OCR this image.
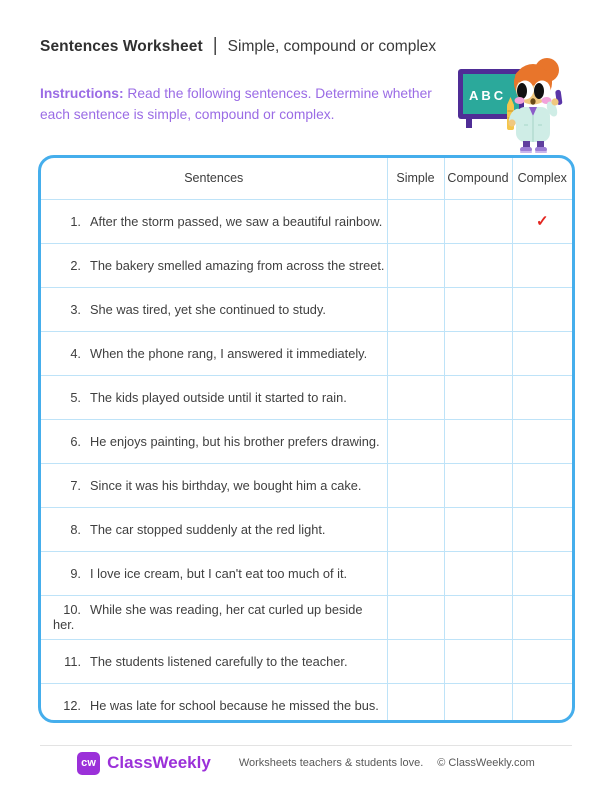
Sentences Worksheet | Simple, compound or complex

Instructions: Read the following sentences. Determine whether each sentence is simple, compound or complex.

ABC
Sentences	Simple	Compound	Complex
1. After the storm passed, we saw a beautiful rainbow.			✓
2. The bakery smelled amazing from across the street.			
3. She was tired, yet she continued to study.			
4. When the phone rang, I answered it immediately.			
5. The kids played outside until it started to rain.			
6. He enjoys painting, but his brother prefers drawing.			
7. Since it was his birthday, we bought him a cake.			
8. The car stopped suddenly at the red light.			
9. I love ice cream, but I can't eat too much of it.			
10. While she was reading, her cat curled up beside her.			
11. The students listened carefully to the teacher.			
12. He was late for school because he missed the bus.			
cw ClassWeekly	Worksheets teachers & students love. © ClassWeekly.com
